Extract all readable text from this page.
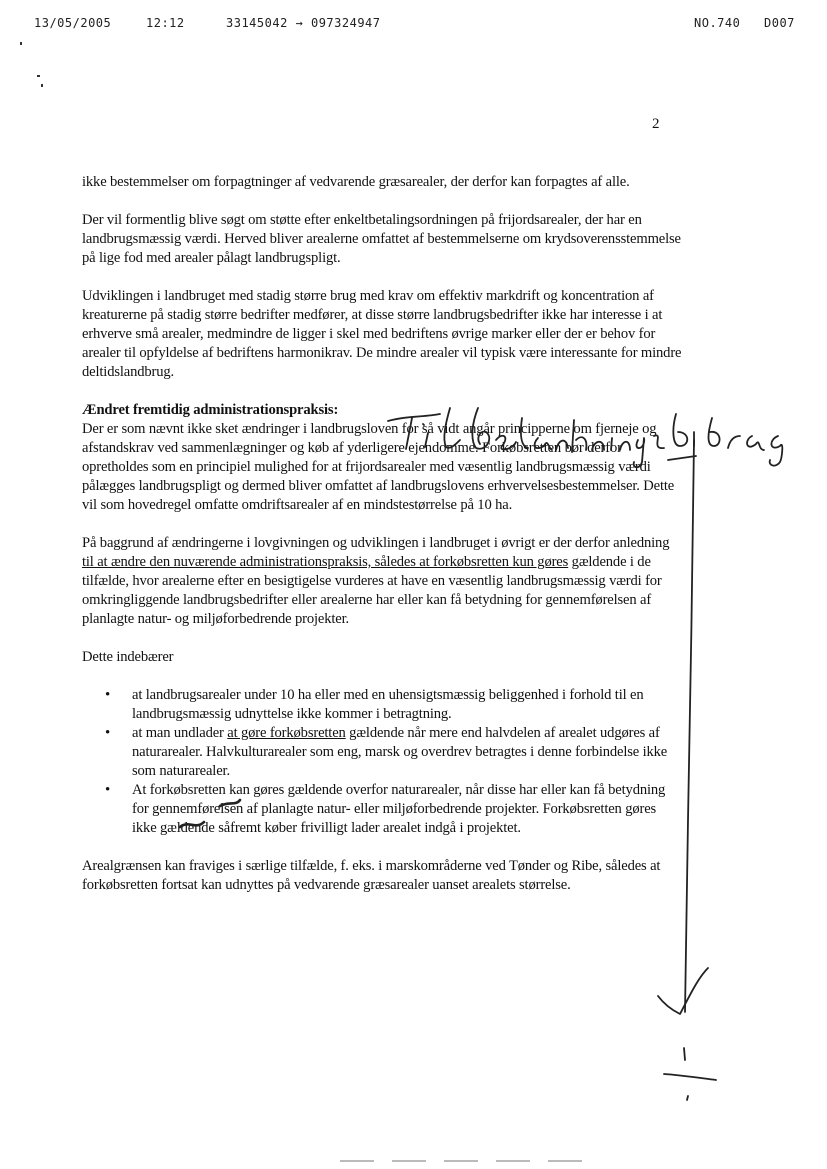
13/05/2005	12:12	33145042 → 097324947	NO.740 D007
2

ikke bestemmelser om forpagtninger af vedvarende græsarealer, der derfor kan forpagtes af alle.

Der vil formentlig blive søgt om støtte efter enkeltbetalingsordningen på frijordsarealer, der har en landbrugsmæssig værdi. Herved bliver arealerne omfattet af bestemmelserne om krydsoverensstemmelse på lige fod med arealer pålagt landbrugspligt.

Udviklingen i landbruget med stadig større brug med krav om effektiv markdrift og koncentration af kreaturerne på stadig større bedrifter medfører, at disse større landbrugsbedrifter ikke har interesse i at erhverve små arealer, medmindre de ligger i skel med bedriftens øvrige marker eller der er behov for arealer til opfyldelse af bedriftens harmonikrav. De mindre arealer vil typisk være interessante for mindre deltidslandbrug.

Ændret fremtidig administrationspraksis:

Der er som nævnt ikke sket ændringer i landbrugsloven for så vidt angår principperne om fjerneje og afstandskrav ved sammenlægninger og køb af yderligere ejendomme. Forkøbsretten bør derfor opretholdes som en principiel mulighed for at frijordsarealer med væsentlig landbrugsmæssig værdi pålægges landbrugspligt og dermed bliver omfattet af landbrugslovens erhvervelsesbestemmelser. Dette vil som hovedregel omfatte omdriftsarealer af en mindstestørrelse på 10 ha.

På baggrund af ændringerne i lovgivningen og udviklingen i landbruget i øvrigt er der derfor anledning til at ændre den nuværende administrationspraksis, således at forkøbsretten kun gøres gældende i de tilfælde, hvor arealerne efter en besigtigelse vurderes at have en væsentlig landbrugsmæssig værdi for omkringliggende landbrugsbedrifter eller arealerne har eller kan få betydning for gennemførelsen af planlagte natur- og miljøforbedrende projekter.

Dette indebærer

• at landbrugsarealer under 10 ha eller med en uhensigtsmæssig beliggenhed i forhold til en landbrugsmæssig udnyttelse ikke kommer i betragtning.
• at man undlader at gøre forkøbsretten gældende når mere end halvdelen af arealet udgøres af naturarealer. Halvkulturarealer som eng, marsk og overdrev betragtes i denne forbindelse ikke som naturarealer.
• At forkøbsretten kan gøres gældende overfor naturarealer, når disse har eller kan få betydning for gennemførelsen af planlagte natur- eller miljøforbedrende projekter. Forkøbsretten gøres ikke gældende såfremt køber frivilligt lader arealet indgå i projektet.

Arealgrænsen kan fraviges i særlige tilfælde, f. eks. i marskområderne ved Tønder og Ribe, således at forkøbsretten fortsat kan udnyttes på vedvarende græsarealer uanset arealets størrelse.
